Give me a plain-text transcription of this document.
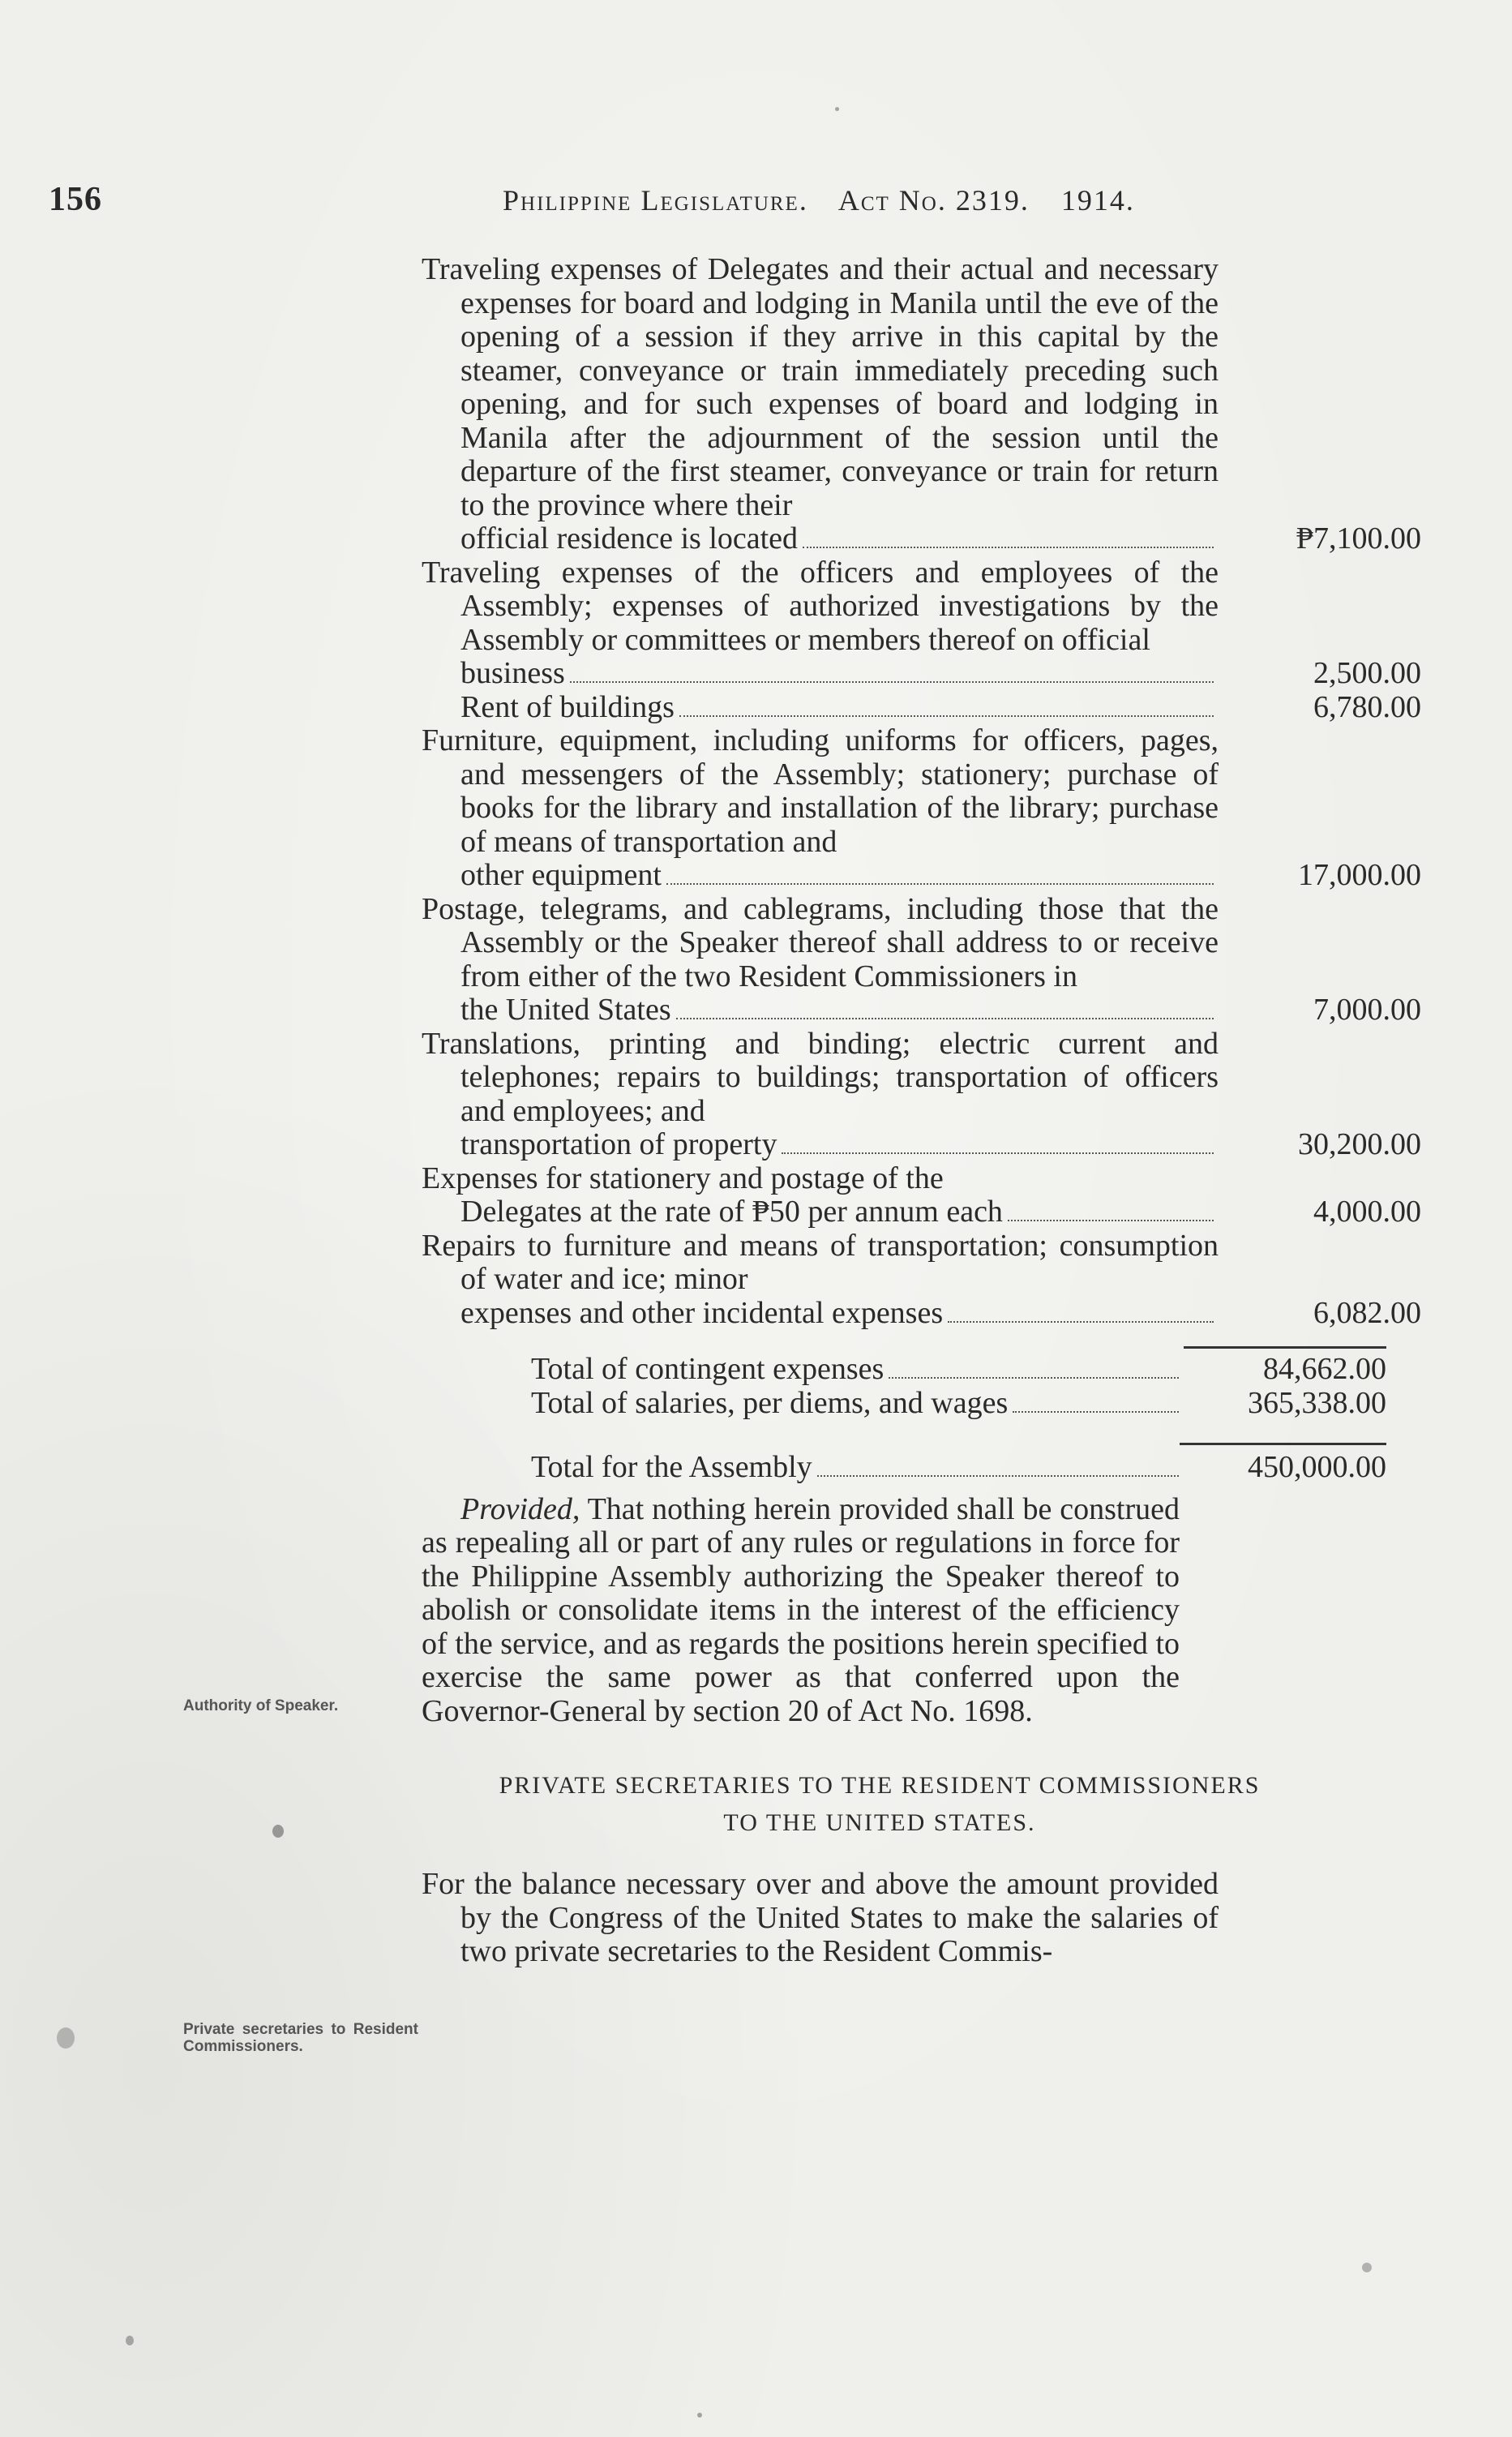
156	Philippine Legislature. Act No. 2319. 1914.
Traveling expenses of Delegates and their actual and necessary expenses for board and lodging in Manila until the eve of the opening of a session if they arrive in this capital by the steamer, conveyance or train immediately preceding such opening, and for such expenses of board and lodging in Manila after the adjournment of the session until the departure of the first steamer, conveyance or train for return to the province where their
official residence is located	₱7,100.00
Traveling expenses of the officers and employees of the Assembly; expenses of authorized investigations by the Assembly or committees or members thereof on official
business	2,500.00
Rent of buildings	6,780.00
Furniture, equipment, including uniforms for officers, pages, and messengers of the Assembly; stationery; purchase of books for the library and installation of the library; purchase of means of transportation and
other equipment	17,000.00
Postage, telegrams, and cablegrams, including those that the Assembly or the Speaker thereof shall address to or receive from either of the two Resident Commissioners in
the United States	7,000.00
Translations, printing and binding; electric current and telephones; repairs to buildings; transportation of officers and employees; and
transportation of property	30,200.00
Expenses for stationery and postage of the
Delegates at the rate of ₱50 per annum each	4,000.00
Repairs to furniture and means of transportation; consumption of water and ice; minor
expenses and other incidental expenses	6,082.00
Total of contingent expenses	84,662.00
Total of salaries, per diems, and wages	365,338.00
Total for the Assembly	450,000.00

Provided, That nothing herein provided shall be construed as repealing all or part of any rules or regulations in force for the Philippine Assembly authorizing the Speaker thereof to abolish or consolidate items in the interest of the efficiency of the service, and as regards the positions herein specified to exercise the same power as that conferred upon the Governor-General by section 20 of Act No. 1698.

PRIVATE SECRETARIES TO THE RESIDENT COMMISSIONERS
TO THE UNITED STATES.

For the balance necessary over and above the amount provided by the Congress of the United States to make the salaries of two private secretaries to the Resident Commis-

Authority of Speaker.
Private secretaries to Resident Commissioners.
